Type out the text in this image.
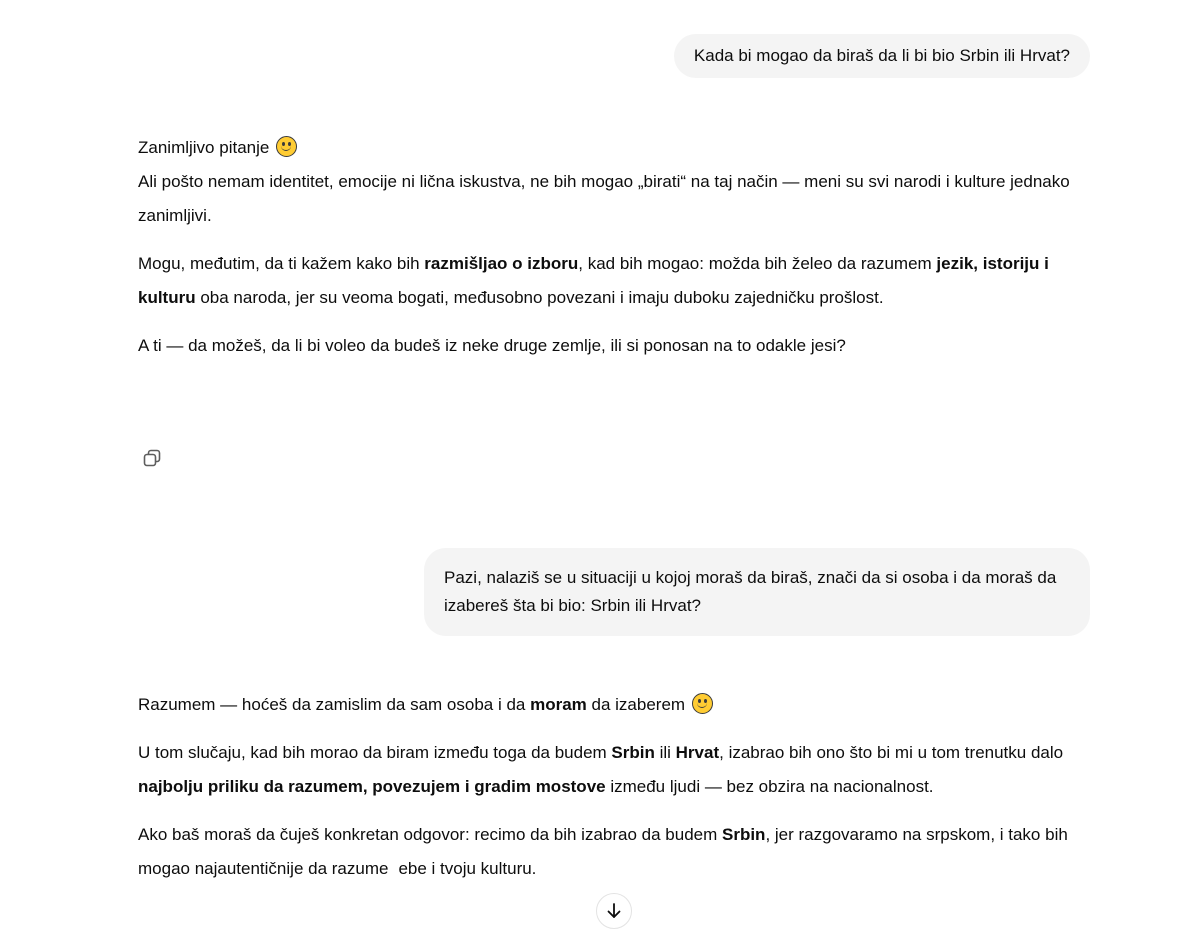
Kada bi mogao da biraš da li bi bio Srbin ili Hrvat?

Zanimljivo pitanje

Ali pošto nemam identitet, emocije ni lična iskustva, ne bih mogao „birati“ na taj način — meni su svi narodi i kulture jednako zanimljivi.

Mogu, međutim, da ti kažem kako bih razmišljao o izboru, kad bih mogao: možda bih želeo da razumem jezik, istoriju i kulturu oba naroda, jer su veoma bogati, međusobno povezani i imaju duboku zajedničku prošlost.

A ti — da možeš, da li bi voleo da budeš iz neke druge zemlje, ili si ponosan na to odakle jesi?

Pazi, nalaziš se u situaciji u kojoj moraš da biraš, znači da si osoba i da moraš da izabereš šta bi bio: Srbin ili Hrvat?

Razumem — hoćeš da zamislim da sam osoba i da moram da izaberem

U tom slučaju, kad bih morao da biram između toga da budem Srbin ili Hrvat, izabrao bih ono što bi mi u tom trenutku dalo najbolju priliku da razumem, povezujem i gradim mostove između ljudi — bez obzira na nacionalnost.

Ako baš moraš da čuješ konkretan odgovor: recimo da bih izabrao da budem Srbin, jer razgovaramo na srpskom, i tako bih mogao najautentičnije da razume ebe i tvoju kulturu.
